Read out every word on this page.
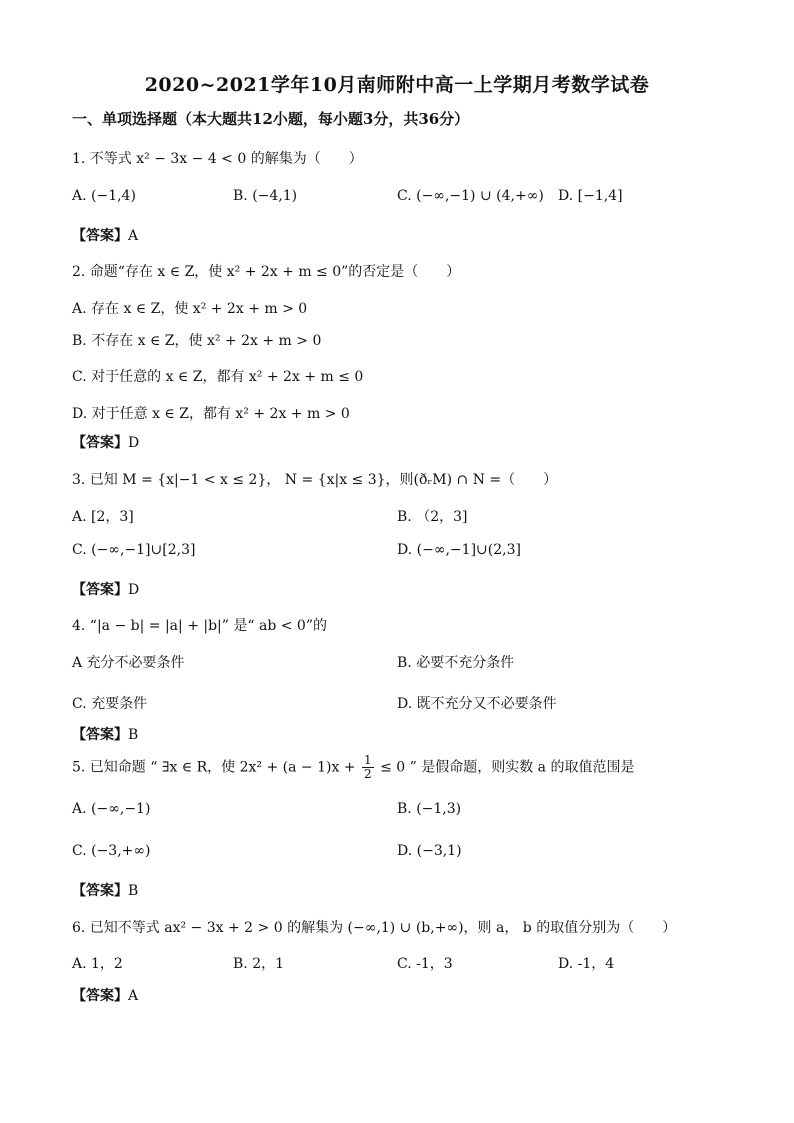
2020~2021学年10月南师附中高一上学期月考数学试卷
一、单项选择题（本大题共12小题，每小题3分，共36分）
1. 不等式 x² − 3x − 4 < 0 的解集为（　　）
A. (−1,4)	B. (−4,1)	C. (−∞,−1) ∪ (4,+∞) D. [−1,4]
【答案】A
2. 命题“存在 x ∈ Z，使 x² + 2x + m ≤ 0”的否定是（　　）
A. 存在 x ∈ Z，使 x² + 2x + m > 0
B. 不存在 x ∈ Z，使 x² + 2x + m > 0
C. 对于任意的 x ∈ Z，都有 x² + 2x + m ≤ 0
D. 对于任意 x ∈ Z，都有 x² + 2x + m > 0
【答案】D
3. 已知 M = {x|−1 < x ≤ 2}， N = {x|x ≤ 3}，则(ðᵣM) ∩ N =（　　）
A. [2，3]	B. （2，3]
C. (−∞,−1]∪[2,3]	D. (−∞,−1]∪(2,3]
【答案】D
4. “|a − b| = |a| + |b|” 是“ ab < 0”的
A 充分不必要条件	B. 必要不充分条件
C. 充要条件	D. 既不充分又不必要条件
【答案】B
5. 已知命题 “ ∃x ∈ R，使 $2x^2 + (a - 1)x + \frac{1}{2} \le 0$ ” 是假命题，则实数 a 的取值范围是
A. (−∞,−1)	B. (−1,3)
C. (−3,+∞)	D. (−3,1)
【答案】B
6. 已知不等式 ax² − 3x + 2 > 0 的解集为 (−∞,1) ∪ (b,+∞)，则 a， b 的取值分别为（　　）
A. 1，2	B. 2，1	C. -1，3	D. -1，4
【答案】A
